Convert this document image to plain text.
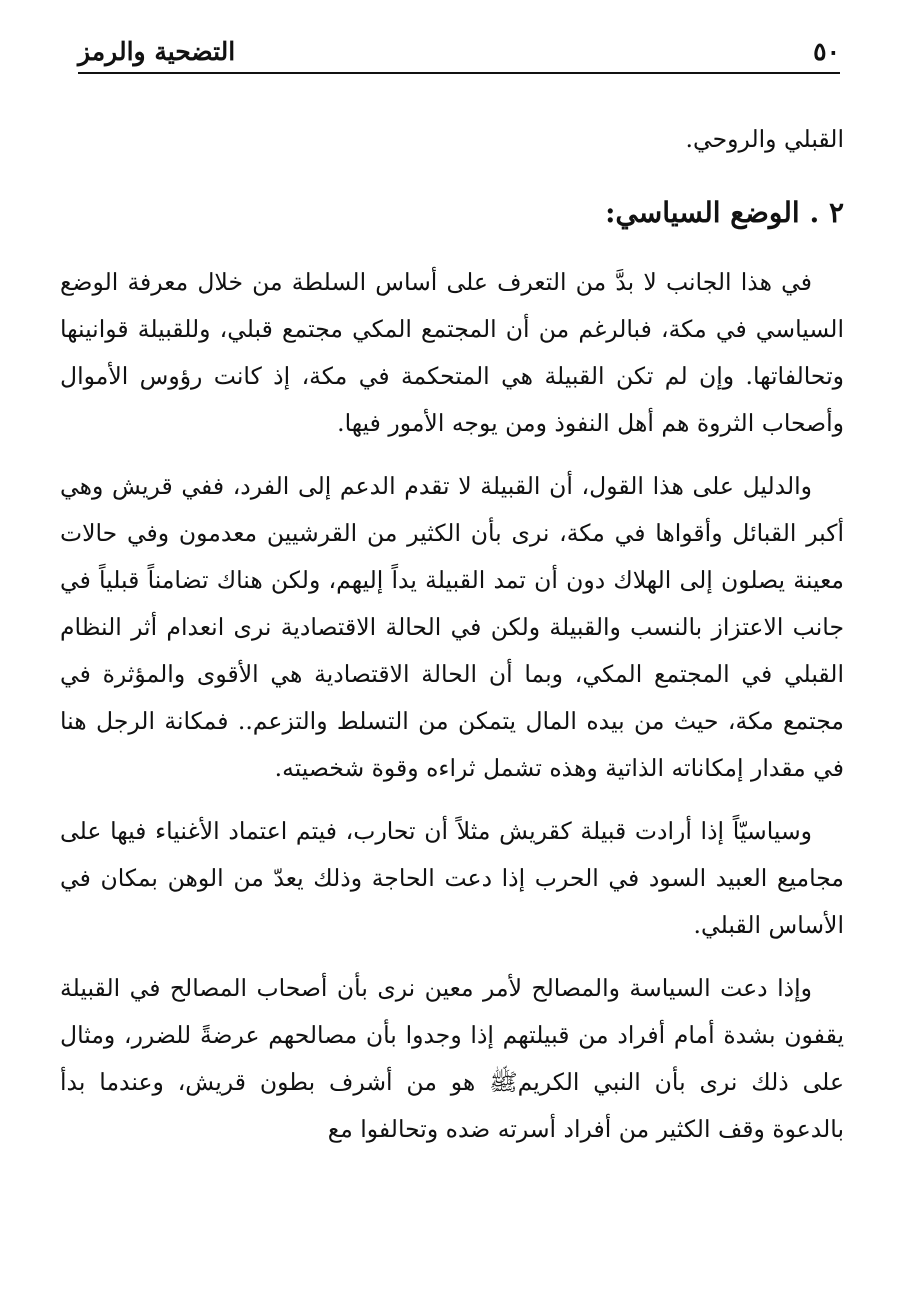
٥٠
التضحية والرمز

القبلي والروحي.

٢ . الوضع السياسي:

في هذا الجانب لا بدَّ من التعرف على أساس السلطة من خلال معرفة الوضع السياسي في مكة، فبالرغم من أن المجتمع المكي مجتمع قبلي، وللقبيلة قوانينها وتحالفاتها. وإن لم تكن القبيلة هي المتحكمة في مكة، إذ كانت رؤوس الأموال وأصحاب الثروة هم أهل النفوذ ومن يوجه الأمور فيها.

والدليل على هذا القول، أن القبيلة لا تقدم الدعم إلى الفرد، ففي قريش وهي أكبر القبائل وأقواها في مكة، نرى بأن الكثير من القرشيين معدمون وفي حالات معينة يصلون إلى الهلاك دون أن تمد القبيلة يداً إليهم، ولكن هناك تضامناً قبلياً في جانب الاعتزاز بالنسب والقبيلة ولكن في الحالة الاقتصادية نرى انعدام أثر النظام القبلي في المجتمع المكي، وبما أن الحالة الاقتصادية هي الأقوى والمؤثرة في مجتمع مكة، حيث من بيده المال يتمكن من التسلط والتزعم.. فمكانة الرجل هنا في مقدار إمكاناته الذاتية وهذه تشمل ثراءه وقوة شخصيته.

وسياسيّاً إذا أرادت قبيلة كقريش مثلاً أن تحارب، فيتم اعتماد الأغنياء فيها على مجاميع العبيد السود في الحرب إذا دعت الحاجة وذلك يعدّ من الوهن بمكان في الأساس القبلي.

وإذا دعت السياسة والمصالح لأمر معين نرى بأن أصحاب المصالح في القبيلة يقفون بشدة أمام أفراد من قبيلتهم إذا وجدوا بأن مصالحهم عرضةً للضرر، ومثال على ذلك نرى بأن النبي الكريمﷺ هو من أشرف بطون قريش، وعندما بدأ بالدعوة وقف الكثير من أفراد أسرته ضده وتحالفوا مع
